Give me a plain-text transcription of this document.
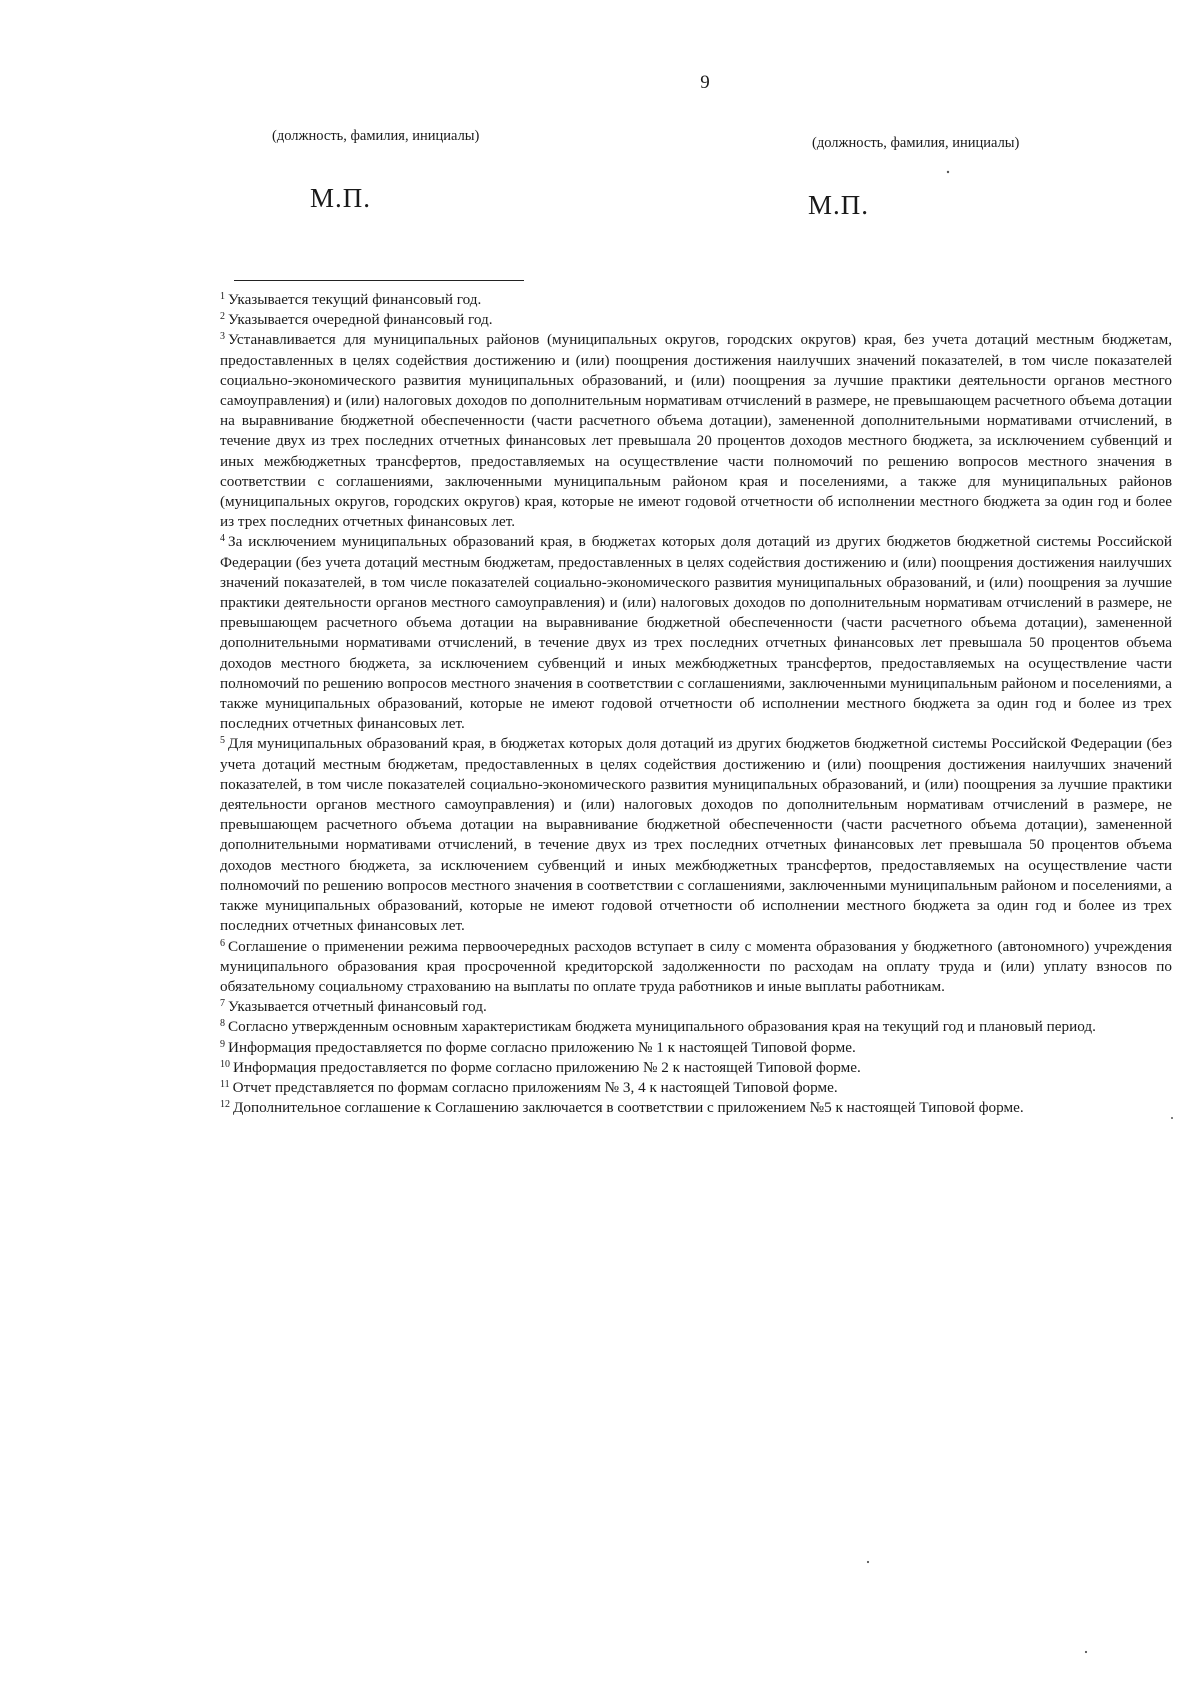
9
(должность, фамилия, инициалы)	(должность, фамилия, инициалы)
М.П.	М.П.

$^1$ Указывается текущий финансовый год.

$^2$ Указывается очередной финансовый год.

$^3$ Устанавливается для муниципальных районов (муниципальных округов, городских округов) края, без учета дотаций местным бюджетам, предоставленных в целях содействия достижению и (или) поощрения достижения наилучших значений показателей, в том числе показателей социально-экономического развития муниципальных образований, и (или) поощрения за лучшие практики деятельности органов местного самоуправления) и (или) налоговых доходов по дополнительным нормативам отчислений в размере, не превышающем расчетного объема дотации на выравнивание бюджетной обеспеченности (части расчетного объема дотации), замененной дополнительными нормативами отчислений, в течение двух из трех последних отчетных финансовых лет превышала 20 процентов доходов местного бюджета, за исключением субвенций и иных межбюджетных трансфертов, предоставляемых на осуществление части полномочий по решению вопросов местного значения в соответствии с соглашениями, заключенными муниципальным районом края и поселениями, а также для муниципальных районов (муниципальных округов, городских округов) края, которые не имеют годовой отчетности об исполнении местного бюджета за один год и более из трех последних отчетных финансовых лет.

$^4$ За исключением муниципальных образований края, в бюджетах которых доля дотаций из других бюджетов бюджетной системы Российской Федерации (без учета дотаций местным бюджетам, предоставленных в целях содействия достижению и (или) поощрения достижения наилучших значений показателей, в том числе показателей социально-экономического развития муниципальных образований, и (или) поощрения за лучшие практики деятельности органов местного самоуправления) и (или) налоговых доходов по дополнительным нормативам отчислений в размере, не превышающем расчетного объема дотации на выравнивание бюджетной обеспеченности (части расчетного объема дотации), замененной дополнительными нормативами отчислений, в течение двух из трех последних отчетных финансовых лет превышала 50 процентов объема доходов местного бюджета, за исключением субвенций и иных межбюджетных трансфертов, предоставляемых на осуществление части полномочий по решению вопросов местного значения в соответствии с соглашениями, заключенными муниципальным районом и поселениями, а также муниципальных образований, которые не имеют годовой отчетности об исполнении местного бюджета за один год и более из трех последних отчетных финансовых лет.

$^5$ Для муниципальных образований края, в бюджетах которых доля дотаций из других бюджетов бюджетной системы Российской Федерации (без учета дотаций местным бюджетам, предоставленных в целях содействия достижению и (или) поощрения достижения наилучших значений показателей, в том числе показателей социально-экономического развития муниципальных образований, и (или) поощрения за лучшие практики деятельности органов местного самоуправления) и (или) налоговых доходов по дополнительным нормативам отчислений в размере, не превышающем расчетного объема дотации на выравнивание бюджетной обеспеченности (части расчетного объема дотации), замененной дополнительными нормативами отчислений, в течение двух из трех последних отчетных финансовых лет превышала 50 процентов объема доходов местного бюджета, за исключением субвенций и иных межбюджетных трансфертов, предоставляемых на осуществление части полномочий по решению вопросов местного значения в соответствии с соглашениями, заключенными муниципальным районом и поселениями, а также муниципальных образований, которые не имеют годовой отчетности об исполнении местного бюджета за один год и более из трех последних отчетных финансовых лет.

$^6$ Соглашение о применении режима первоочередных расходов вступает в силу с момента образования у бюджетного (автономного) учреждения муниципального образования края просроченной кредиторской задолженности по расходам на оплату труда и (или) уплату взносов по обязательному социальному страхованию на выплаты по оплате труда работников и иные выплаты работникам.

$^7$ Указывается отчетный финансовый год.

$^8$ Согласно утвержденным основным характеристикам бюджета муниципального образования края на текущий год и плановый период.

$^9$ Информация предоставляется по форме согласно приложению № 1 к настоящей Типовой форме.

$^{10}$ Информация предоставляется по форме согласно приложению № 2 к настоящей Типовой форме.

$^{11}$ Отчет представляется по формам согласно приложениям № 3, 4 к настоящей Типовой форме.

$^{12}$ Дополнительное соглашение к Соглашению заключается в соответствии с приложением №5 к настоящей Типовой форме.
